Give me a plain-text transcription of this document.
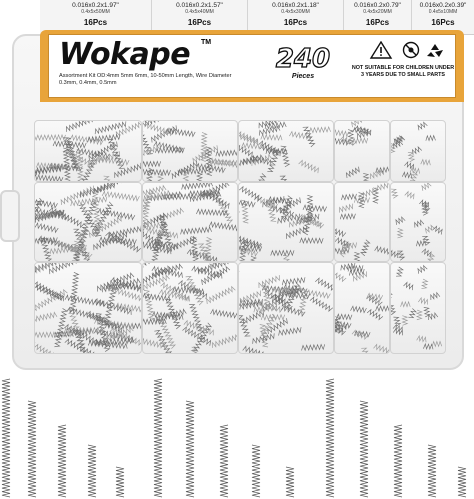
0.016x0.2x1.97"
0.4x5x50MM
16Pcs
0.016x0.2x1.57"
0.4x5x40MM
16Pcs
0.016x0.2x1.18"
0.4x5x30MM
16Pcs
0.016x0.2x0.79"
0.4x5x20MM
16Pcs
0.016x0.2x0.39"
0.4x5x10MM
16Pcs
Wokape TM
Assortment Kit OD:4mm 5mm 6mm, 10-50mm Length, Wire Diameter 0.3mm, 0.4mm, 0.5mm
240
Pieces
NOT SUITABLE FOR CHILDREN UNDER 3 YEARS DUE TO SMALL PARTS
